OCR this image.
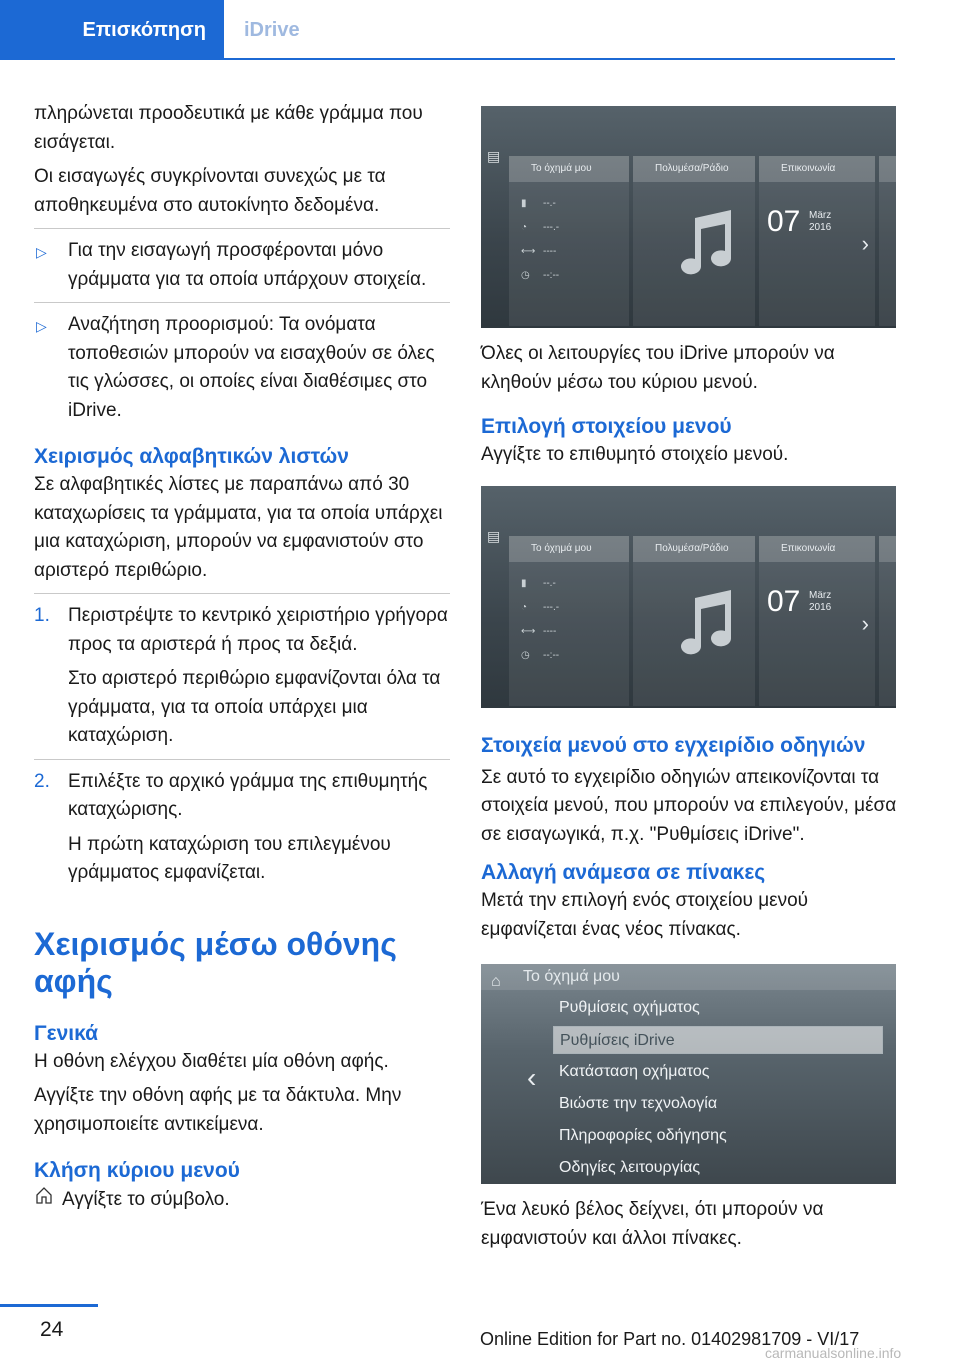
Επισκόπηση	iDrive

πληρώνεται προοδευτικά με κάθε γράμμα που εισάγεται.

Οι εισαγωγές συγκρίνονται συνεχώς με τα αποθηκευμένα στο αυτοκίνητο δεδομένα.

▷ Για την εισαγωγή προσφέρονται μόνο γράμματα για τα οποία υπάρχουν στοιχεία.
▷ Αναζήτηση προορισμού: Τα ονόματα τοποθεσιών μπορούν να εισαχθούν σε όλες τις γλώσσες, οι οποίες είναι διαθέσιμες στο iDrive.
Χειρισμός αλφαβητικών λιστών

Σε αλφαβητικές λίστες με παραπάνω από 30 καταχωρίσεις τα γράμματα, για τα οποία υπάρχει μια καταχώριση, μπορούν να εμφανιστούν στο αριστερό περιθώριο.

1. Περιστρέψτε το κεντρικό χειριστήριο γρήγορα προς τα αριστερά ή προς τα δεξιά.
Στο αριστερό περιθώριο εμφανίζονται όλα τα γράμματα, για τα οποία υπάρχει μια καταχώριση.
2. Επιλέξτε το αρχικό γράμμα της επιθυμητής καταχώρισης.
Η πρώτη καταχώριση του επιλεγμένου γράμματος εμφανίζεται.
Χειρισμός μέσω οθόνης αφής
Γενικά

Η οθόνη ελέγχου διαθέτει μία οθόνη αφής.

Αγγίξτε την οθόνη αφής με τα δάκτυλα. Μην χρησιμοποιείτε αντικείμενα.

Κλήση κύριου μενού

Αγγίξτε το σύμβολο.

▤
Το όχημά μου
▮ --.-
◔ ---.-
⟷ ----
◷ --:--
Πολυμέσα/Ράδιο	Επικοινωνία
07 März
2016
›

Όλες οι λειτουργίες του iDrive μπορούν να κληθούν μέσω του κύριου μενού.

Επιλογή στοιχείου μενού

Αγγίξτε το επιθυμητό στοιχείο μενού.

▤
Το όχημά μου
▮ --.-
◔ ---.-
⟷ ----
◷ --:--
Πολυμέσα/Ράδιο	Επικοινωνία
07 März
2016
›
Στοιχεία μενού στο εγχειρίδιο οδηγιών

Σε αυτό το εγχειρίδιο οδηγιών απεικονίζονται τα στοιχεία μενού, που μπορούν να επιλεγούν, μέσα σε εισαγωγικά, π.χ. "Ρυθμίσεις iDrive".

Αλλαγή ανάμεσα σε πίνακες

Μετά την επιλογή ενός στοιχείου μενού εμφανίζεται ένας νέος πίνακας.

Το όχημά μου
⌂
‹
Ρυθμίσεις οχήματος
Ρυθμίσεις iDrive
Κατάσταση οχήματος
Βιώστε την τεχνολογία
Πληροφορίες οδήγησης
Οδηγίες λειτουργίας

Ένα λευκό βέλος δείχνει, ότι μπορούν να εμφανιστούν και άλλοι πίνακες.

24	Online Edition for Part no. 01402981709 - VI/17
carmanualsonline.info
